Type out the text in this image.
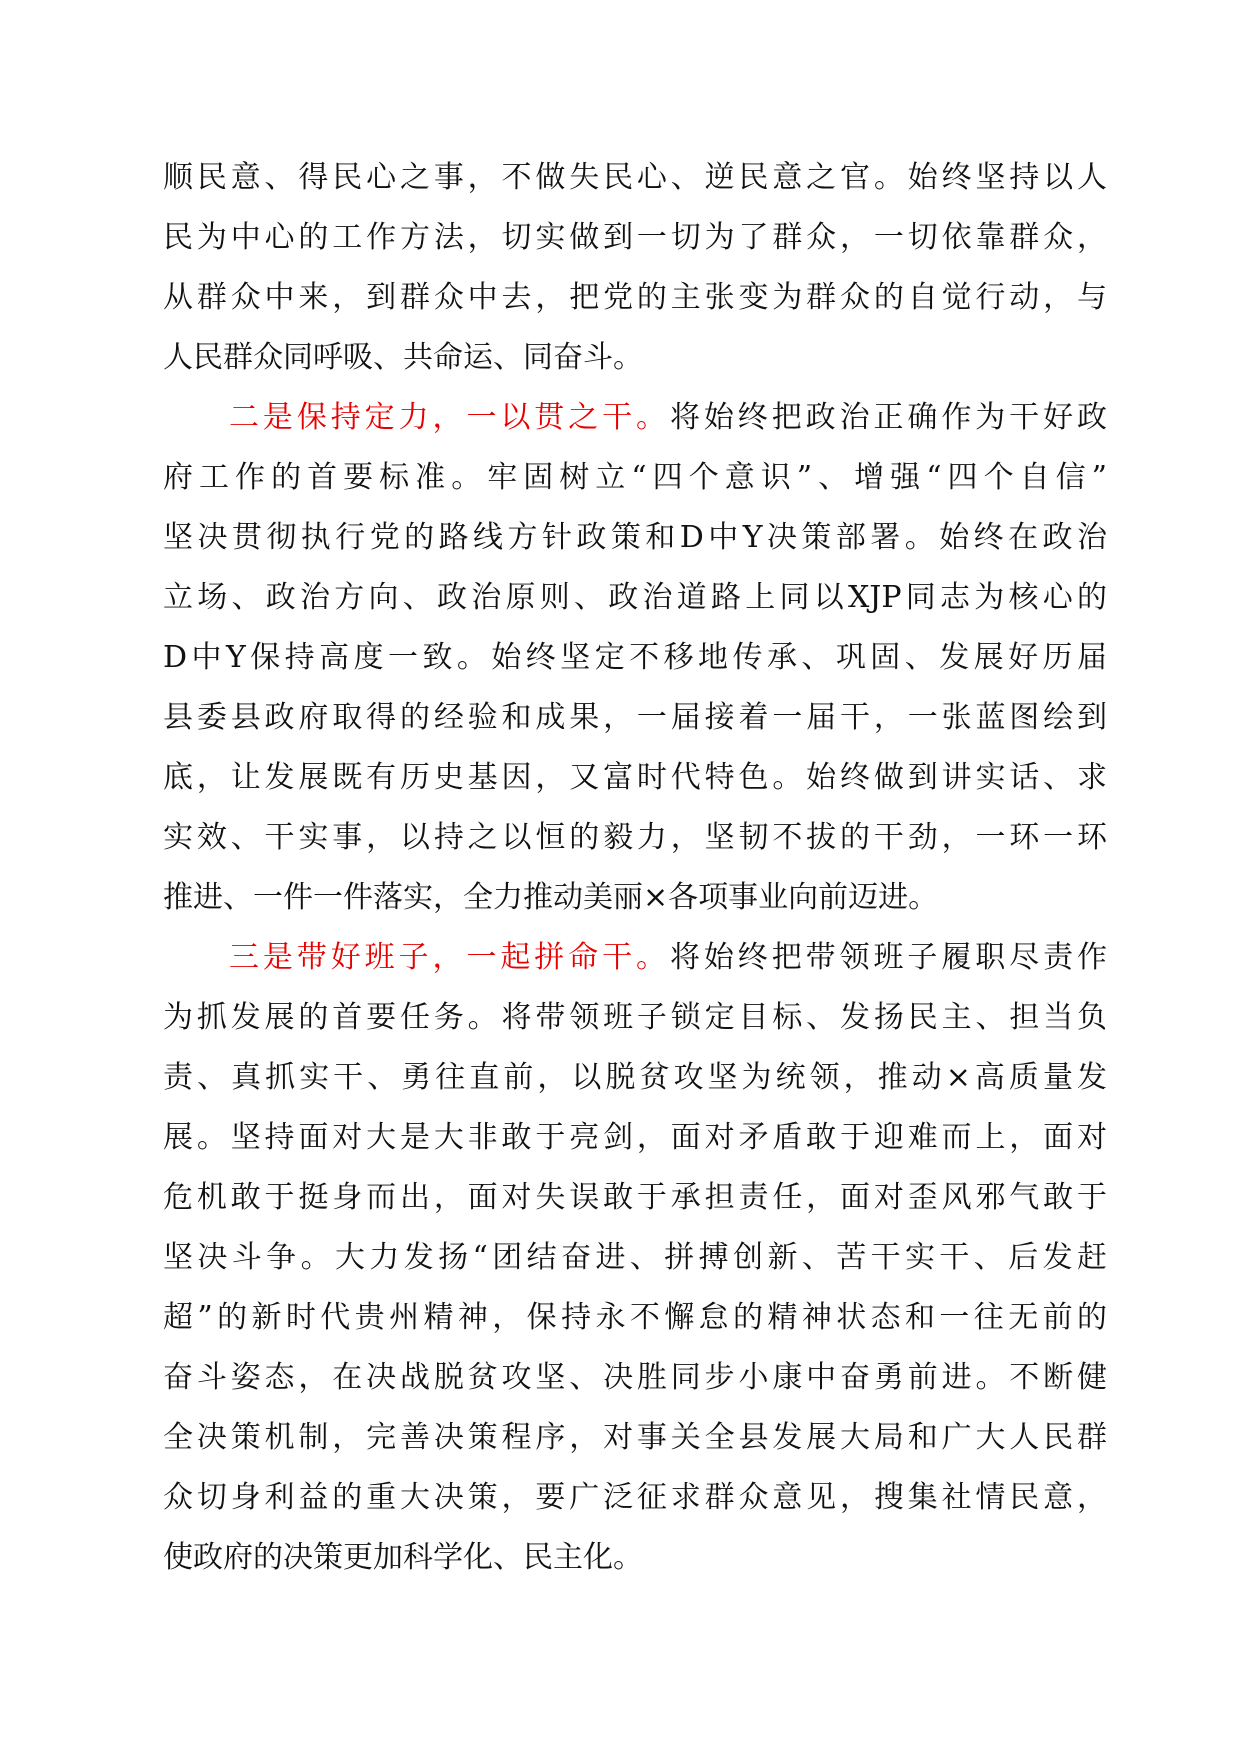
顺民意、得民心之事，不做失民心、逆民意之官。始终坚持以人
民为中心的工作方法，切实做到一切为了群众，一切依靠群众，
从群众中来，到群众中去，把党的主张变为群众的自觉行动，与
人民群众同呼吸、共命运、同奋斗。
二是保持定力，一以贯之干。将始终把政治正确作为干好政
府工作的首要标准。牢固树立“四个意识”、增强“四个自信”
坚决贯彻执行党的路线方针政策和D中Y决策部署。始终在政治
立场、政治方向、政治原则、政治道路上同以XJP同志为核心的
D中Y保持高度一致。始终坚定不移地传承、巩固、发展好历届
县委县政府取得的经验和成果，一届接着一届干，一张蓝图绘到
底，让发展既有历史基因，又富时代特色。始终做到讲实话、求
实效、干实事，以持之以恒的毅力，坚韧不拔的干劲，一环一环
推进、一件一件落实，全力推动美丽×各项事业向前迈进。
三是带好班子，一起拼命干。将始终把带领班子履职尽责作
为抓发展的首要任务。将带领班子锁定目标、发扬民主、担当负
责、真抓实干、勇往直前，以脱贫攻坚为统领，推动×高质量发
展。坚持面对大是大非敢于亮剑，面对矛盾敢于迎难而上，面对
危机敢于挺身而出，面对失误敢于承担责任，面对歪风邪气敢于
坚决斗争。大力发扬“团结奋进、拼搏创新、苦干实干、后发赶
超”的新时代贵州精神，保持永不懈怠的精神状态和一往无前的
奋斗姿态，在决战脱贫攻坚、决胜同步小康中奋勇前进。不断健
全决策机制，完善决策程序，对事关全县发展大局和广大人民群
众切身利益的重大决策，要广泛征求群众意见，搜集社情民意，
使政府的决策更加科学化、民主化。
